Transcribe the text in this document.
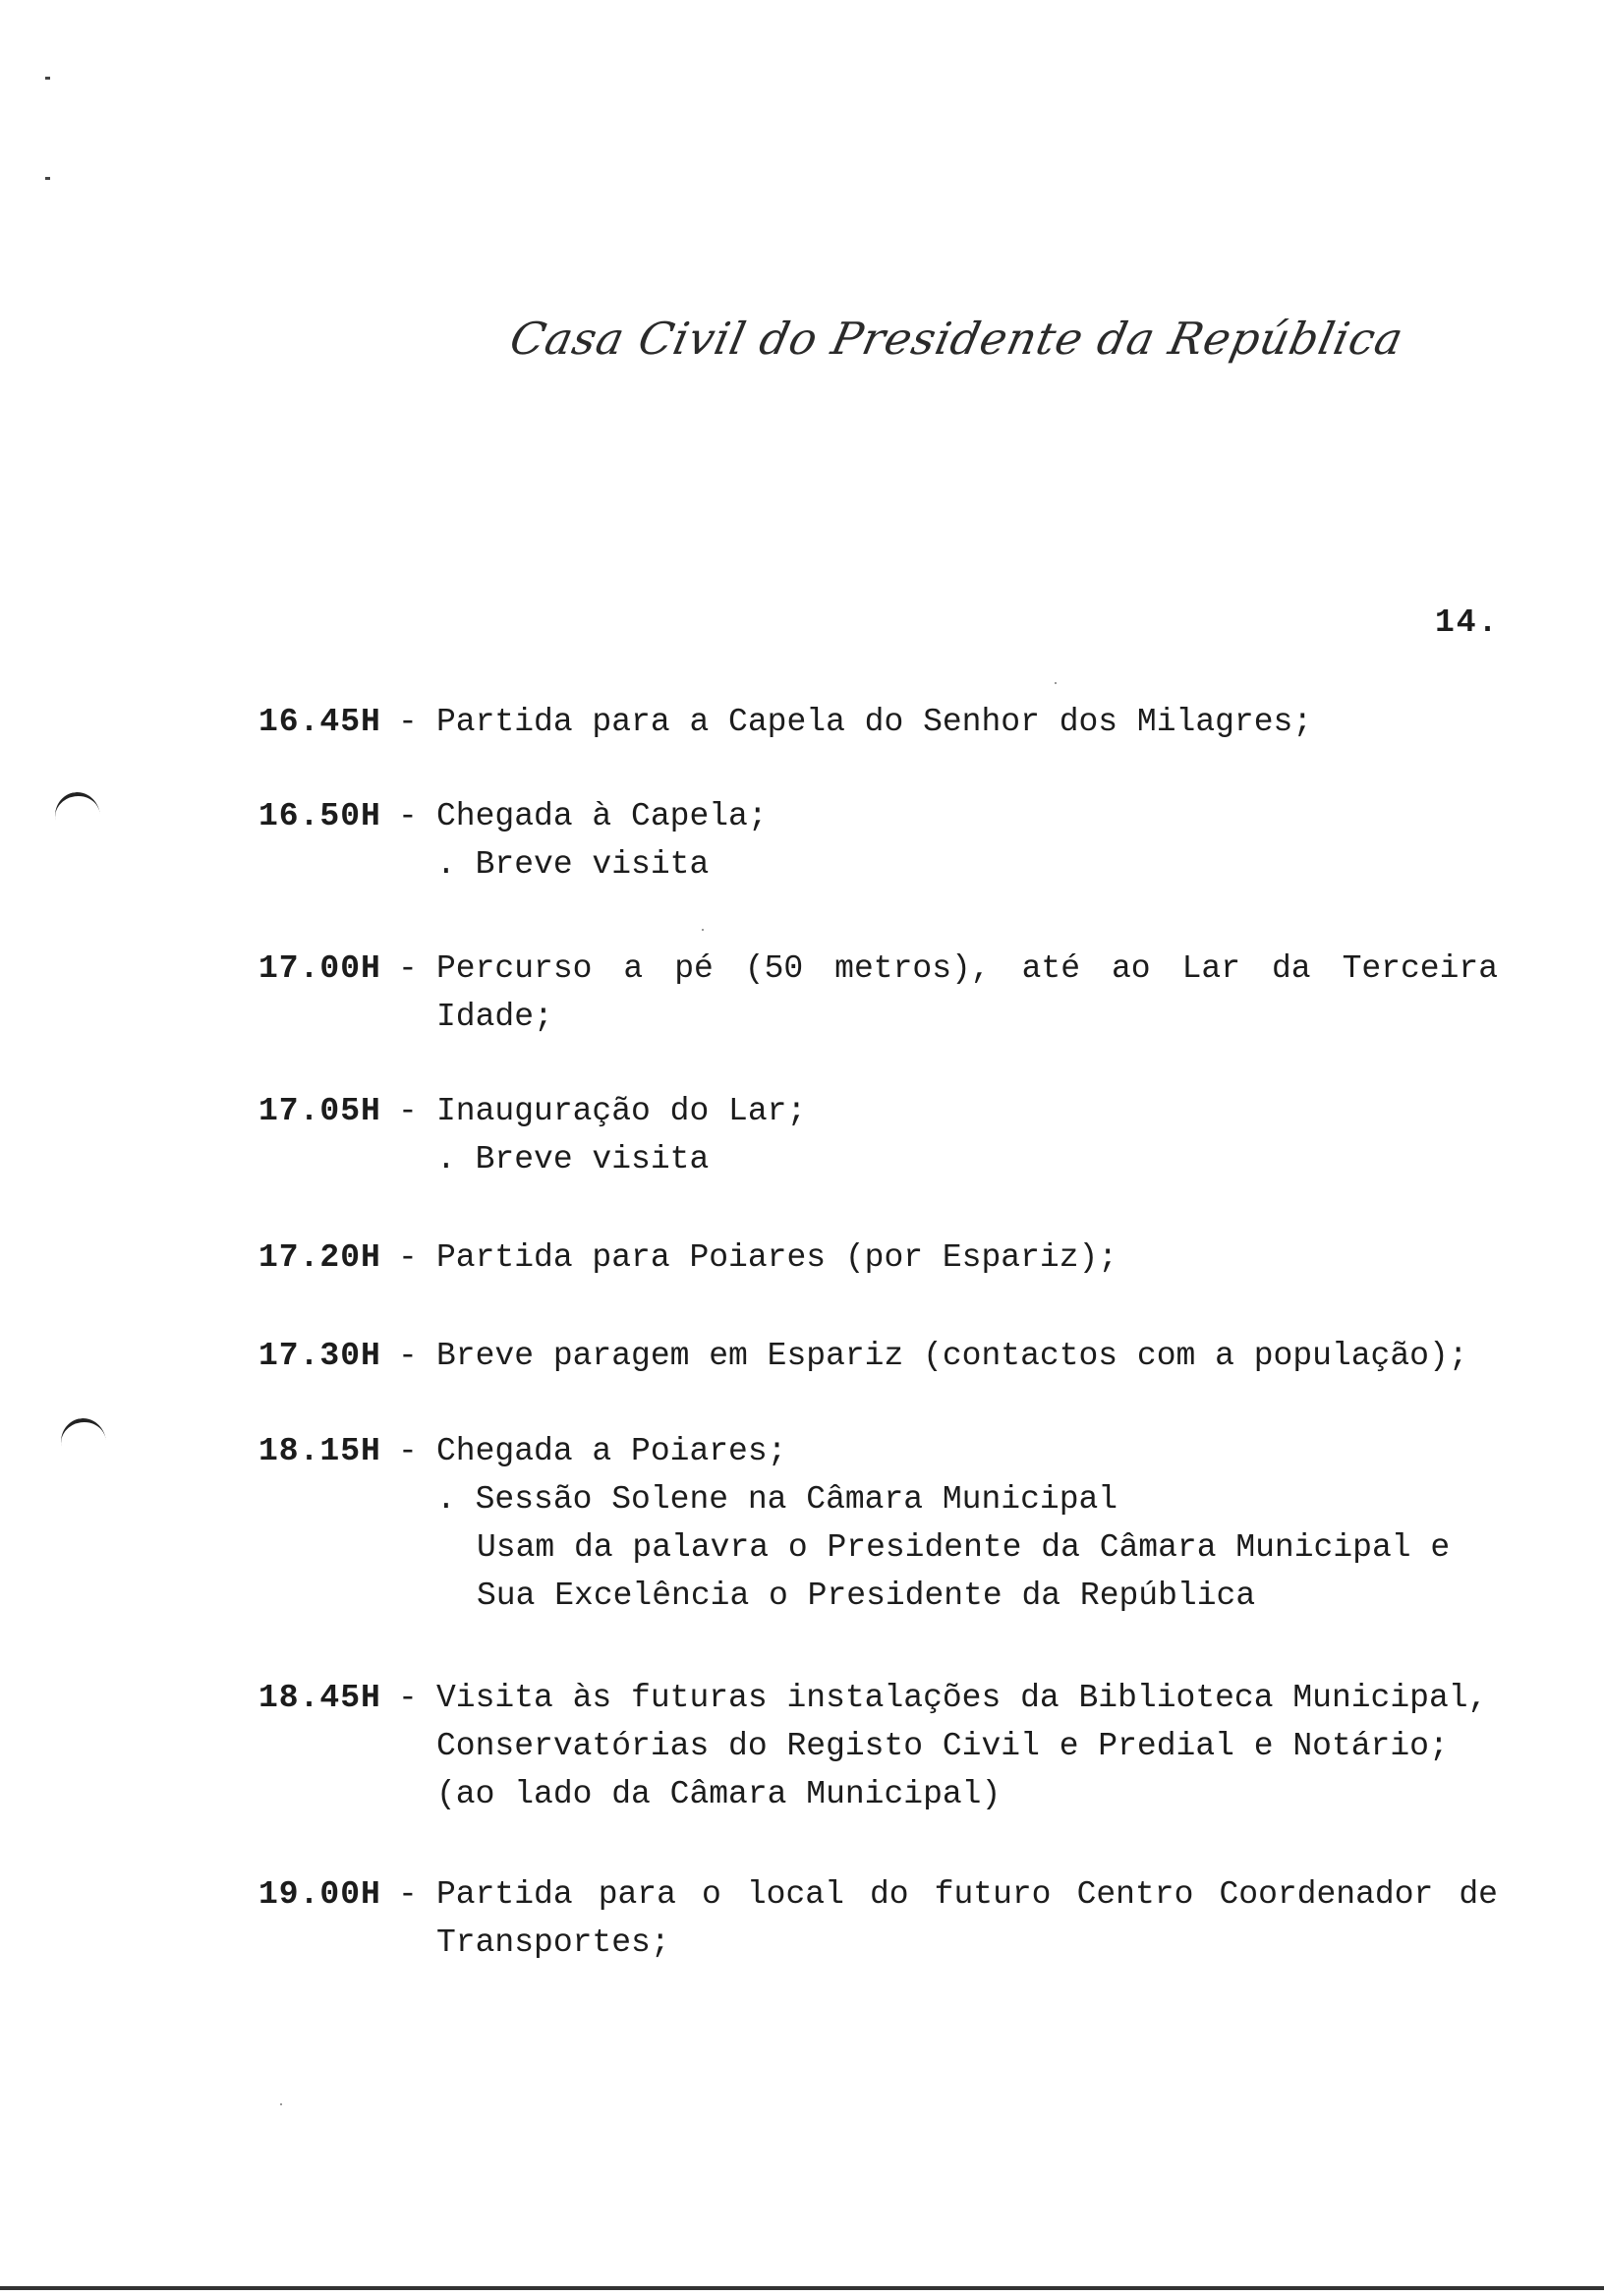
Casa Civil do Presidente da República
14.
16.45H - Partida para a Capela do Senhor dos Milagres;
16.50H - Chegada à Capela;
. Breve visita
17.00H - Percurso a pé (50 metros), até ao Lar da Terceira
Idade;
17.05H - Inauguração do Lar;
. Breve visita
17.20H - Partida para Poiares (por Espariz);
17.30H - Breve paragem em Espariz (contactos com a população);
18.15H - Chegada a Poiares;
. Sessão Solene na Câmara Municipal
Usam da palavra o Presidente da Câmara Municipal e
Sua Excelência o Presidente da República
18.45H - Visita às futuras instalações da Biblioteca Municipal,
Conservatórias do Registo Civil e Predial e Notário;
(ao lado da Câmara Municipal)
19.00H - Partida para o local do futuro Centro Coordenador de
Transportes;
